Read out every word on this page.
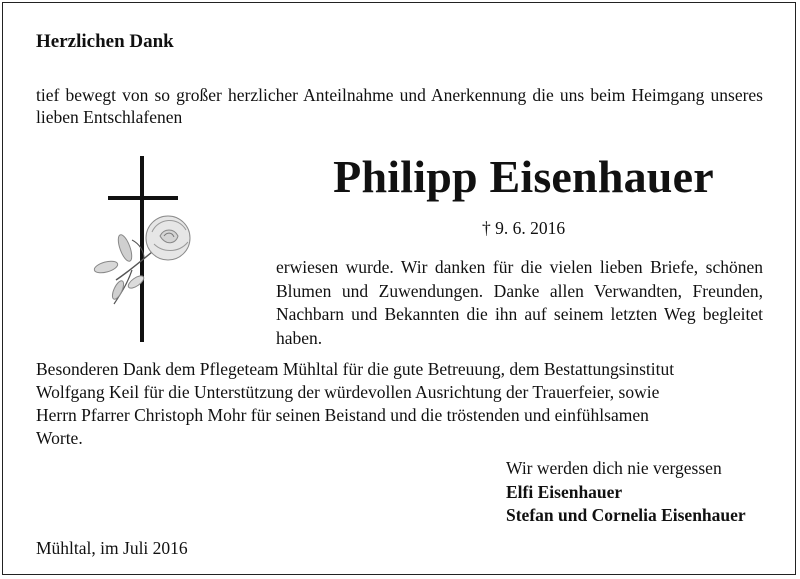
Herzlichen Dank
tief bewegt von so großer herzlicher Anteilnahme und Anerkennung die uns beim Heimgang unseres lieben Entschlafenen
Philipp Eisenhauer
† 9. 6. 2016
erwiesen wurde. Wir danken für die vielen lieben Briefe, schönen Blumen und Zuwendungen. Danke allen Verwandten, Freunden, Nachbarn und Bekannten die ihn auf seinem letzten Weg begleitet haben.
Besonderen Dank dem Pflegeteam Mühltal für die gute Betreuung, dem Bestattungsinstitut
Wolfgang Keil für die Unterstützung der würdevollen Ausrichtung der Trauerfeier, sowie
Herrn Pfarrer Christoph Mohr für seinen Beistand und die tröstenden und einfühlsamen
Worte.
Wir werden dich nie vergessen
Elfi Eisenhauer
Stefan und Cornelia Eisenhauer
Mühltal, im Juli 2016
